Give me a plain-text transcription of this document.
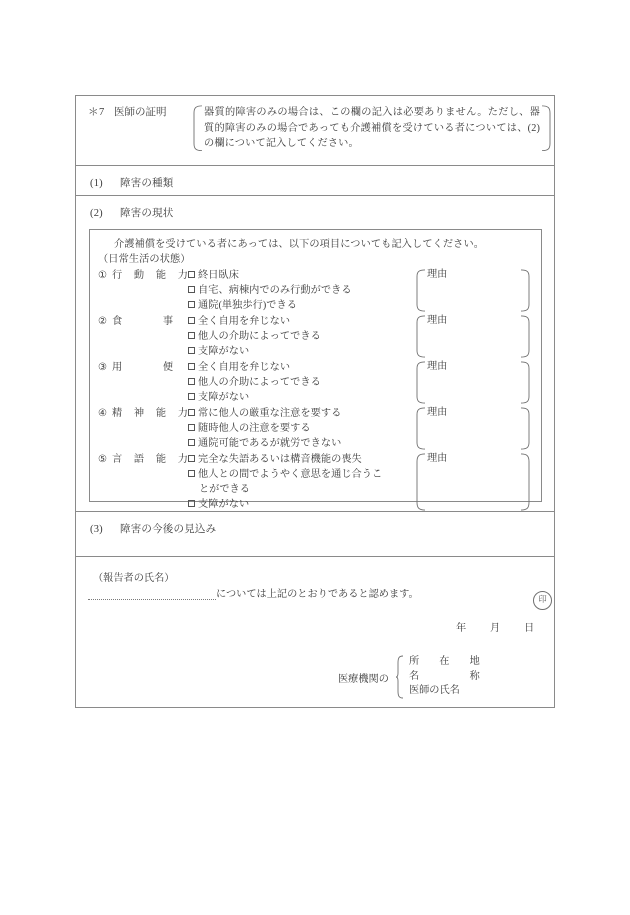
＊7 医師の証明	器質的障害のみの場合は、この欄の記入は必要ありません。ただし、器質的障害のみの場合であっても介護補償を受けている者については、(2)の欄について記入してください。
(1) 障害の種類
(2) 障害の現状
介護補償を受けている者にあっては、以下の項目についても記入してください。
（日常生活の状態）
① 行 動 能 力 終日臥床
自宅、病棟内でのみ行動ができる
通院(単独歩行)できる
理由
② 食　　　　事	全く自用を弁じない
他人の介助によってできる
支障がない
理由
③ 用　　　　便	全く自用を弁じない
他人の介助によってできる
支障がない
理由
④ 精 神 能 力 常に他人の厳重な注意を要する
随時他人の注意を要する
通院可能であるが就労できない
理由
⑤ 言 語 能 力 完全な失語あるいは構音機能の喪失
他人との間でようやく意思を通じ合うこ
とができる
支障がない
理由
(3) 障害の今後の見込み
（報告者の氏名）
については上記のとおりであると認めます。
年 月 日
医療機関の
所　在　地
名　　　称
医師の氏名
印
